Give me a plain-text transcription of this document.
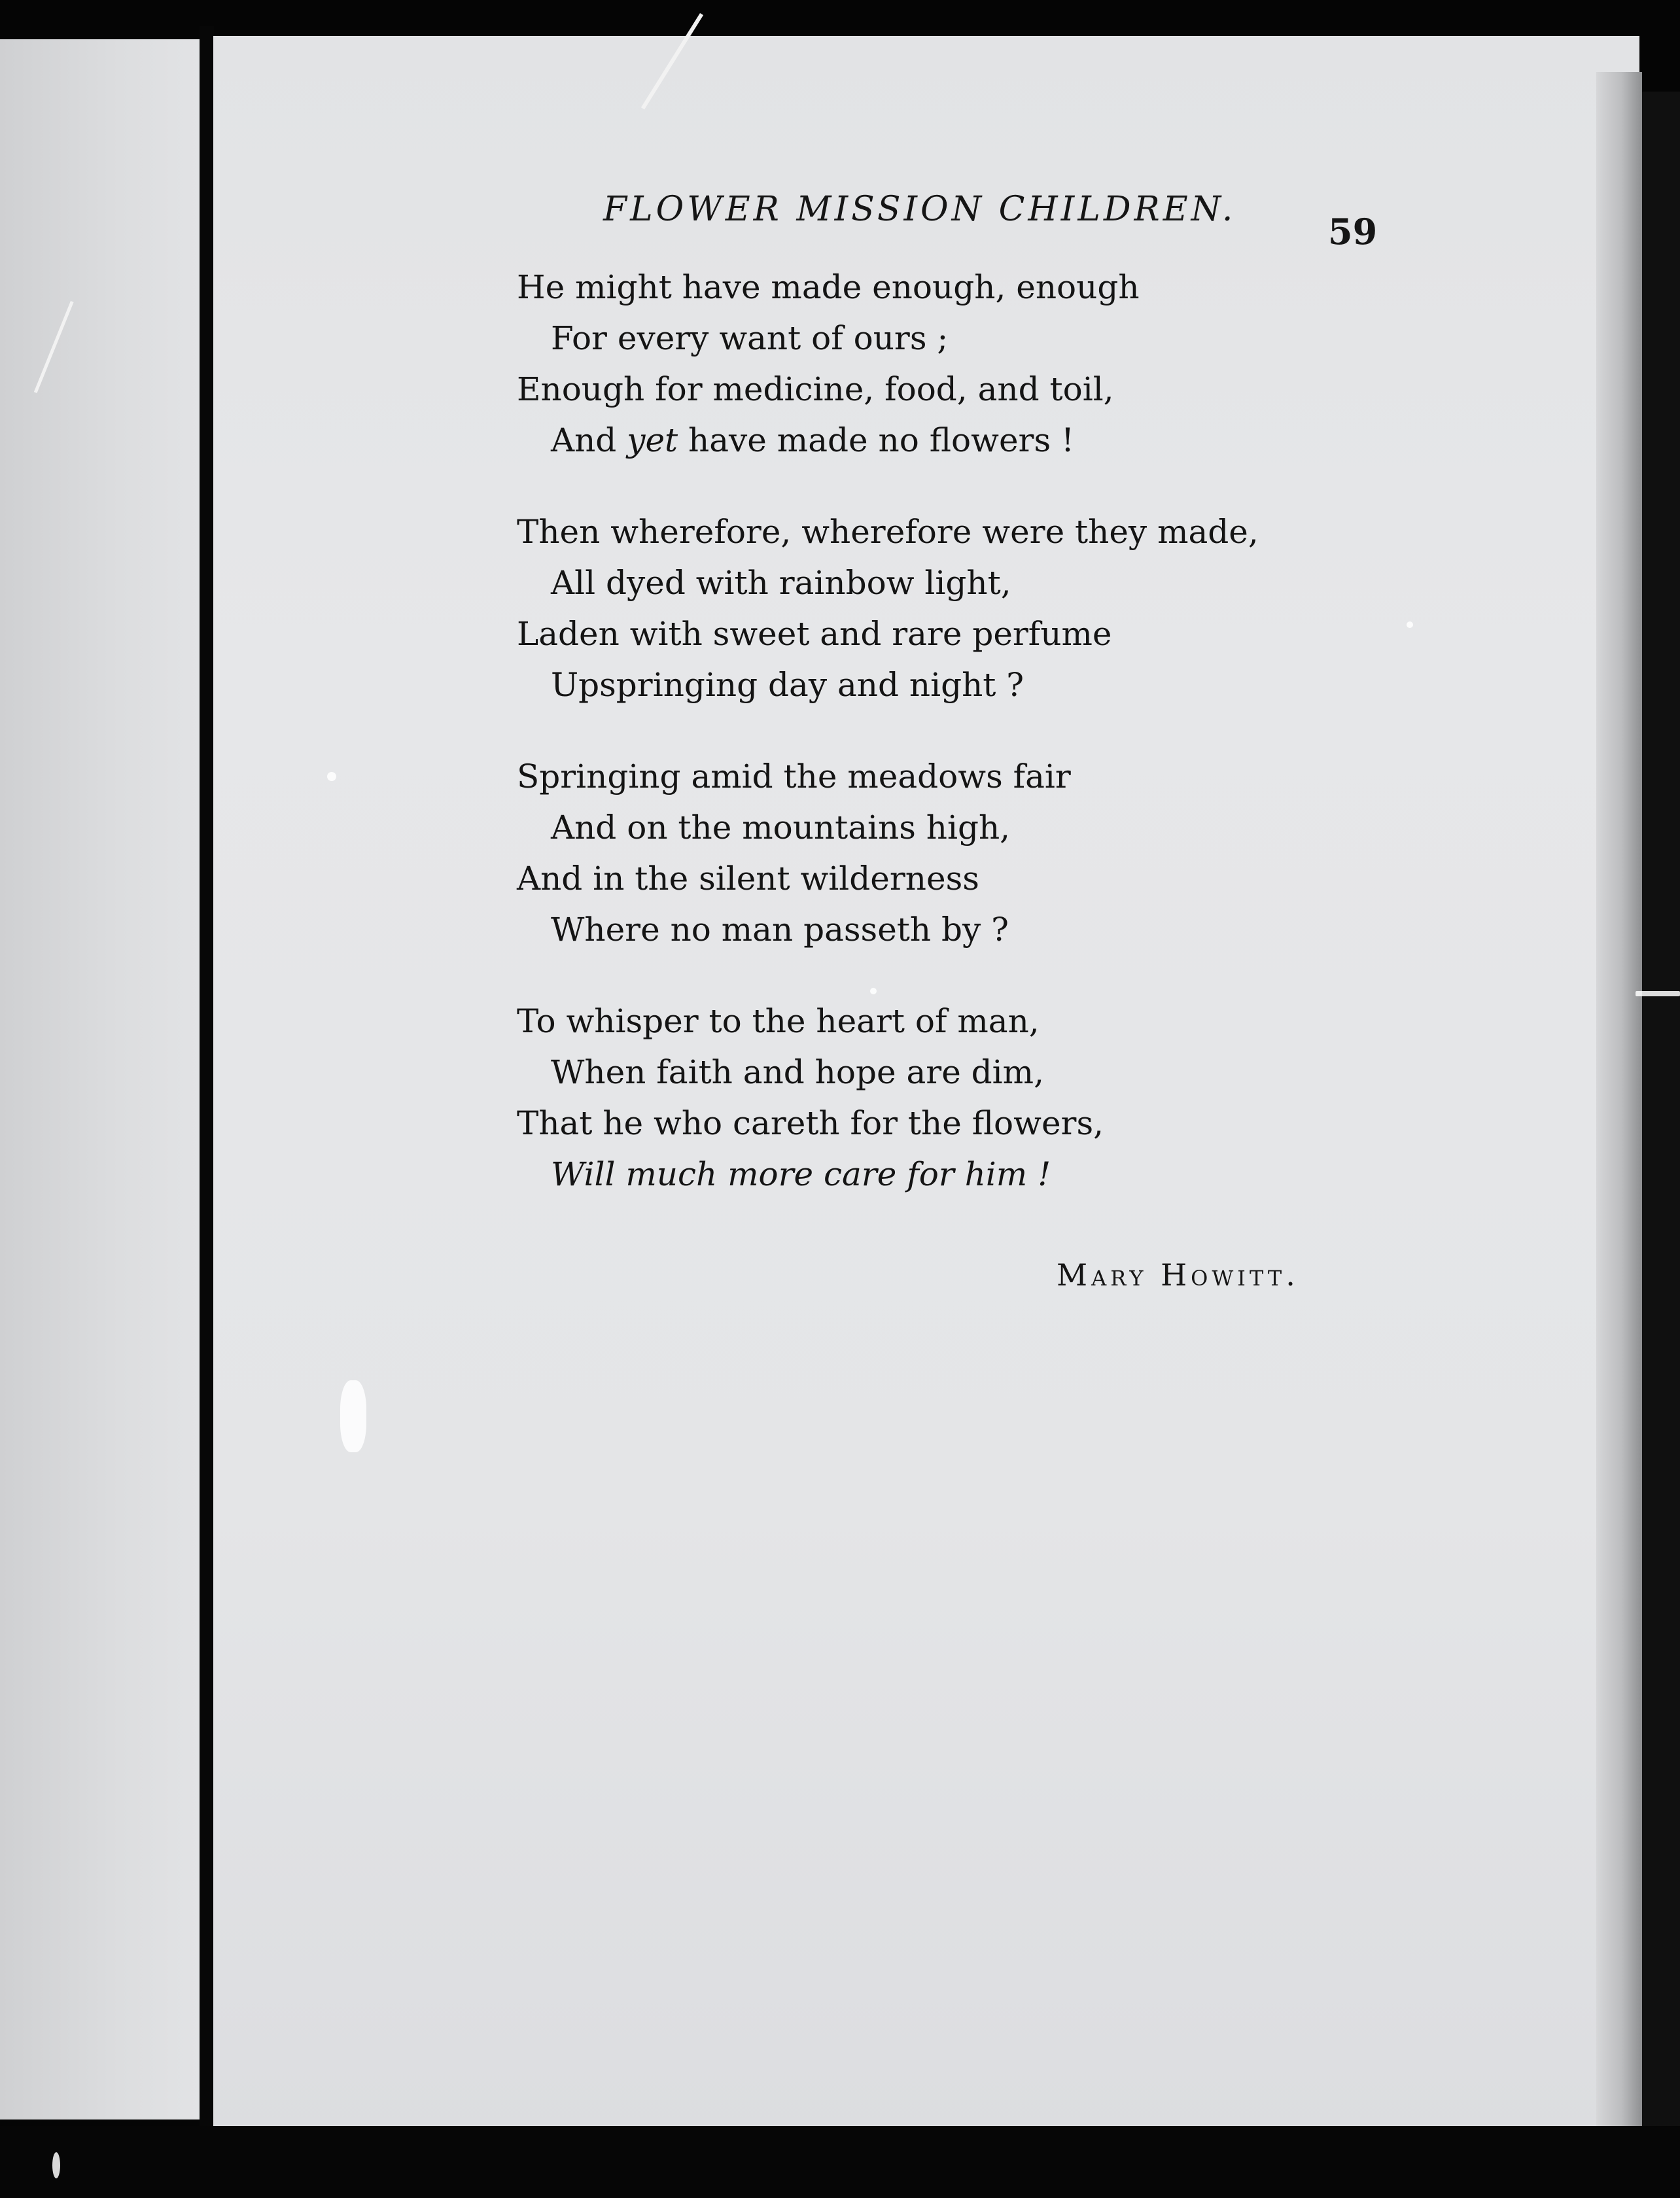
FLOWER MISSION CHILDREN.
59
He might have made enough, enough
For every want of ours ;
Enough for medicine, food, and toil,
And yet have made no flowers !
Then wherefore, wherefore were they made,
All dyed with rainbow light,
Laden with sweet and rare perfume
Upspringing day and night ?
Springing amid the meadows fair
And on the mountains high,
And in the silent wilderness
Where no man passeth by ?
To whisper to the heart of man,
When faith and hope are dim,
That he who careth for the flowers,
Will much more care for him !
Mary Howitt.
